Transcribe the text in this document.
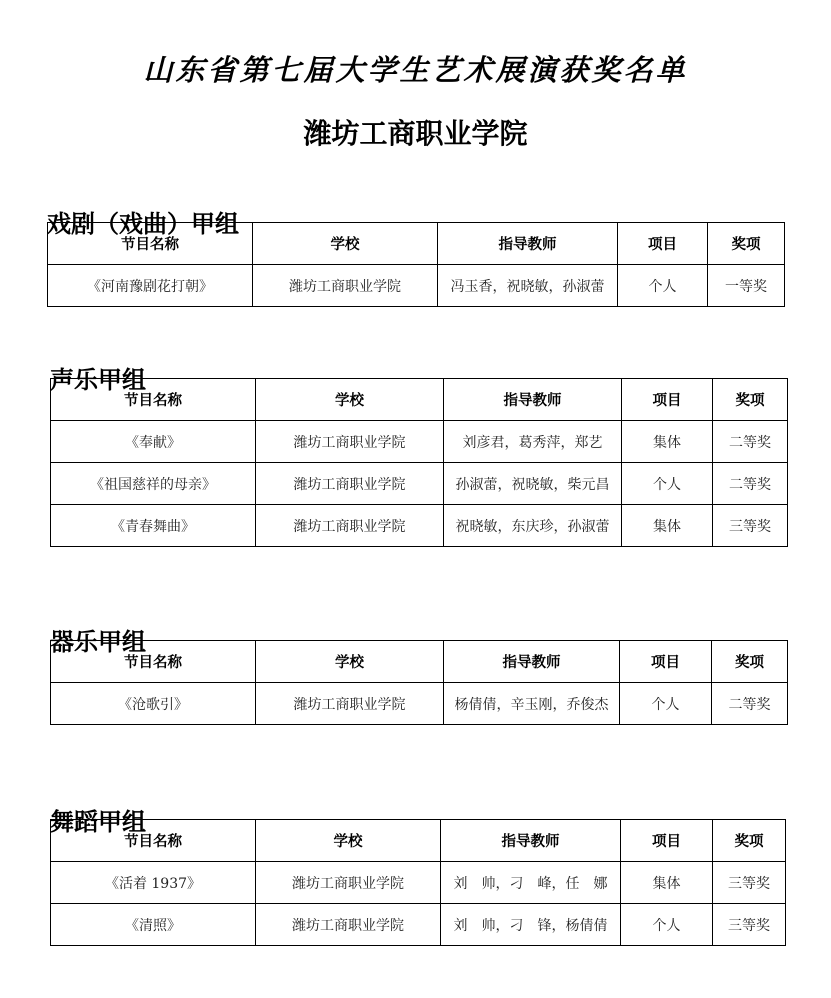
山东省第七届大学生艺术展演获奖名单
潍坊工商职业学院
戏剧（戏曲）甲组
节目名称	学校	指导教师	项目	奖项
《河南豫剧花打朝》	潍坊工商职业学院	冯玉香，祝晓敏，孙淑蕾	个人	一等奖
声乐甲组
节目名称	学校	指导教师	项目	奖项
《奉献》	潍坊工商职业学院	刘彦君，葛秀萍，郑艺	集体	二等奖
《祖国慈祥的母亲》	潍坊工商职业学院	孙淑蕾，祝晓敏，柴元昌	个人	二等奖
《青春舞曲》	潍坊工商职业学院	祝晓敏，东庆珍，孙淑蕾	集体	三等奖
器乐甲组
节目名称	学校	指导教师	项目	奖项
《沧歌引》	潍坊工商职业学院	杨倩倩，辛玉刚，乔俊杰	个人	二等奖
舞蹈甲组
节目名称	学校	指导教师	项目	奖项
《活着 1937》	潍坊工商职业学院	刘　帅，刁　峰，任　娜	集体	三等奖
《清照》	潍坊工商职业学院	刘　帅，刁　锋，杨倩倩	个人	三等奖
